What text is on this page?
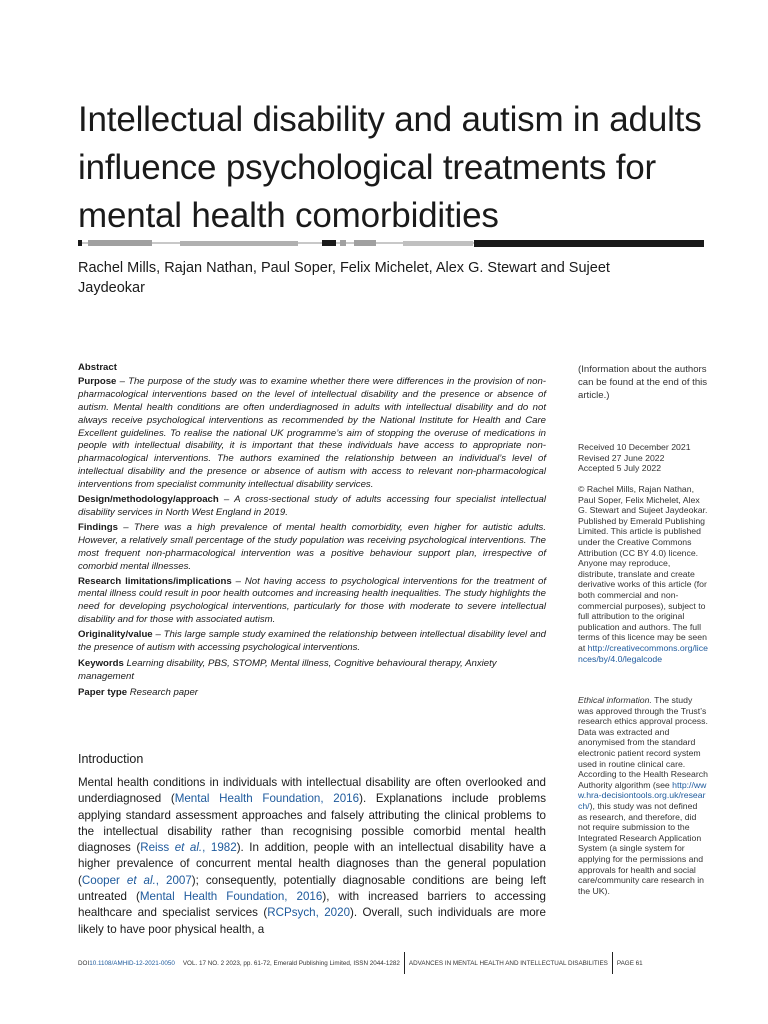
Intellectual disability and autism in adults influence psychological treatments for mental health comorbidities
Rachel Mills, Rajan Nathan, Paul Soper, Felix Michelet, Alex G. Stewart and Sujeet Jaydeokar
Abstract

Purpose – The purpose of the study was to examine whether there were differences in the provision of non-pharmacological interventions based on the level of intellectual disability and the presence or absence of autism. Mental health conditions are often underdiagnosed in adults with intellectual disability and do not always receive psychological interventions as recommended by the National Institute for Health and Care Excellent guidelines. To realise the national UK programme’s aim of stopping the overuse of medications in people with intellectual disability, it is important that these individuals have access to appropriate non-pharmacological interventions. The authors examined the relationship between an individual’s level of intellectual disability and the presence or absence of autism with access to relevant non-pharmacological interventions from specialist community intellectual disability services.

Design/methodology/approach – A cross-sectional study of adults accessing four specialist intellectual disability services in North West England in 2019.

Findings – There was a high prevalence of mental health comorbidity, even higher for autistic adults. However, a relatively small percentage of the study population was receiving psychological interventions. The most frequent non-pharmacological intervention was a positive behaviour support plan, irrespective of comorbid mental illnesses.

Research limitations/implications – Not having access to psychological interventions for the treatment of mental illness could result in poor health outcomes and increasing health inequalities. The study highlights the need for developing psychological interventions, particularly for those with moderate to severe intellectual disability and for those with associated autism.

Originality/value – This large sample study examined the relationship between intellectual disability level and the presence of autism with accessing psychological interventions.

Keywords Learning disability, PBS, STOMP, Mental illness, Cognitive behavioural therapy, Anxiety management

Paper type Research paper

Introduction

Mental health conditions in individuals with intellectual disability are often overlooked and underdiagnosed (Mental Health Foundation, 2016). Explanations include problems applying standard assessment approaches and falsely attributing the clinical problems to the intellectual disability rather than recognising possible comorbid mental health diagnoses (Reiss et al., 1982). In addition, people with an intellectual disability have a higher prevalence of concurrent mental health diagnoses than the general population (Cooper et al., 2007); consequently, potentially diagnosable conditions are being left untreated (Mental Health Foundation, 2016), with increased barriers to accessing healthcare and specialist services (RCPsych, 2020). Overall, such individuals are more likely to have poor physical health, a

(Information about the authors can be found at the end of this article.)
Received 10 December 2021
Revised 27 June 2022
Accepted 5 July 2022
© Rachel Mills, Rajan Nathan, Paul Soper, Felix Michelet, Alex G. Stewart and Sujeet Jaydeokar. Published by Emerald Publishing Limited. This article is published under the Creative Commons Attribution (CC BY 4.0) licence. Anyone may reproduce, distribute, translate and create derivative works of this article (for both commercial and non-commercial purposes), subject to full attribution to the original publication and authors. The full terms of this licence may be seen at http://creativecommons.org/licences/by/4.0/legalcode
Ethical information. The study was approved through the Trust’s research ethics approval process. Data was extracted and anonymised from the standard electronic patient record system used in routine clinical care. According to the Health Research Authority algorithm (see http://www.hra-decisiontools.org.uk/research/), this study was not defined as research, and therefore, did not require submission to the Integrated Research Application System (a single system for applying for the permissions and approvals for health and social care/community care research in the UK).
DOI 10.1108/AMHID-12-2021-0050 VOL. 17 NO. 2 2023, pp. 61-72, Emerald Publishing Limited, ISSN 2044-1282 ADVANCES IN MENTAL HEALTH AND INTELLECTUAL DISABILITIES PAGE 61
